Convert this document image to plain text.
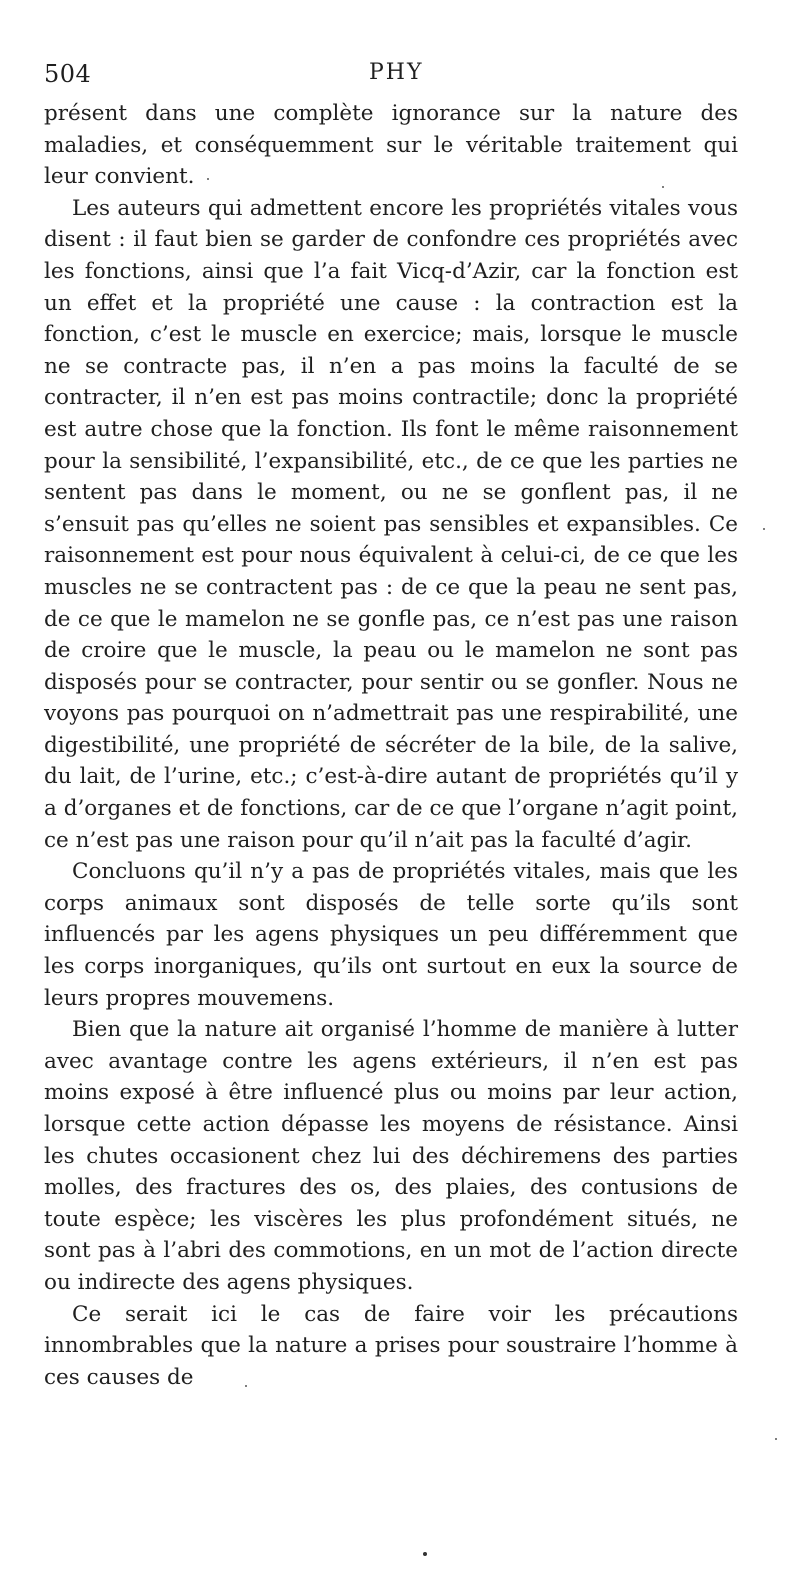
504	PHY

présent dans une complète ignorance sur la nature des maladies, et conséquemment sur le véritable traitement qui leur convient.

Les auteurs qui admettent encore les propriétés vitales vous disent : il faut bien se garder de confondre ces propriétés avec les fonctions, ainsi que l’a fait Vicq-d’Azir, car la fonction est un effet et la propriété une cause : la contraction est la fonction, c’est le muscle en exercice; mais, lorsque le muscle ne se contracte pas, il n’en a pas moins la faculté de se contracter, il n’en est pas moins contractile; donc la propriété est autre chose que la fonction. Ils font le même raisonnement pour la sensibilité, l’expansibilité, etc., de ce que les parties ne sentent pas dans le moment, ou ne se gonflent pas, il ne s’ensuit pas qu’elles ne soient pas sensibles et expansibles. Ce raisonnement est pour nous équivalent à celui-ci, de ce que les muscles ne se contractent pas : de ce que la peau ne sent pas, de ce que le mamelon ne se gonfle pas, ce n’est pas une raison de croire que le muscle, la peau ou le mamelon ne sont pas disposés pour se contracter, pour sentir ou se gonfler. Nous ne voyons pas pourquoi on n’admettrait pas une respirabilité, une digestibilité, une propriété de sécréter de la bile, de la salive, du lait, de l’urine, etc.; c’est-à-dire autant de propriétés qu’il y a d’organes et de fonctions, car de ce que l’organe n’agit point, ce n’est pas une raison pour qu’il n’ait pas la faculté d’agir.

Concluons qu’il n’y a pas de propriétés vitales, mais que les corps animaux sont disposés de telle sorte qu’ils sont influencés par les agens physiques un peu différemment que les corps inorganiques, qu’ils ont surtout en eux la source de leurs propres mouvemens.

Bien que la nature ait organisé l’homme de manière à lutter avec avantage contre les agens extérieurs, il n’en est pas moins exposé à être influencé plus ou moins par leur action, lorsque cette action dépasse les moyens de résistance. Ainsi les chutes occasionent chez lui des déchiremens des parties molles, des fractures des os, des plaies, des contusions de toute espèce; les viscères les plus profondément situés, ne sont pas à l’abri des commotions, en un mot de l’action directe ou indirecte des agens physiques.

Ce serait ici le cas de faire voir les précautions innombrables que la nature a prises pour soustraire l’homme à ces causes de
